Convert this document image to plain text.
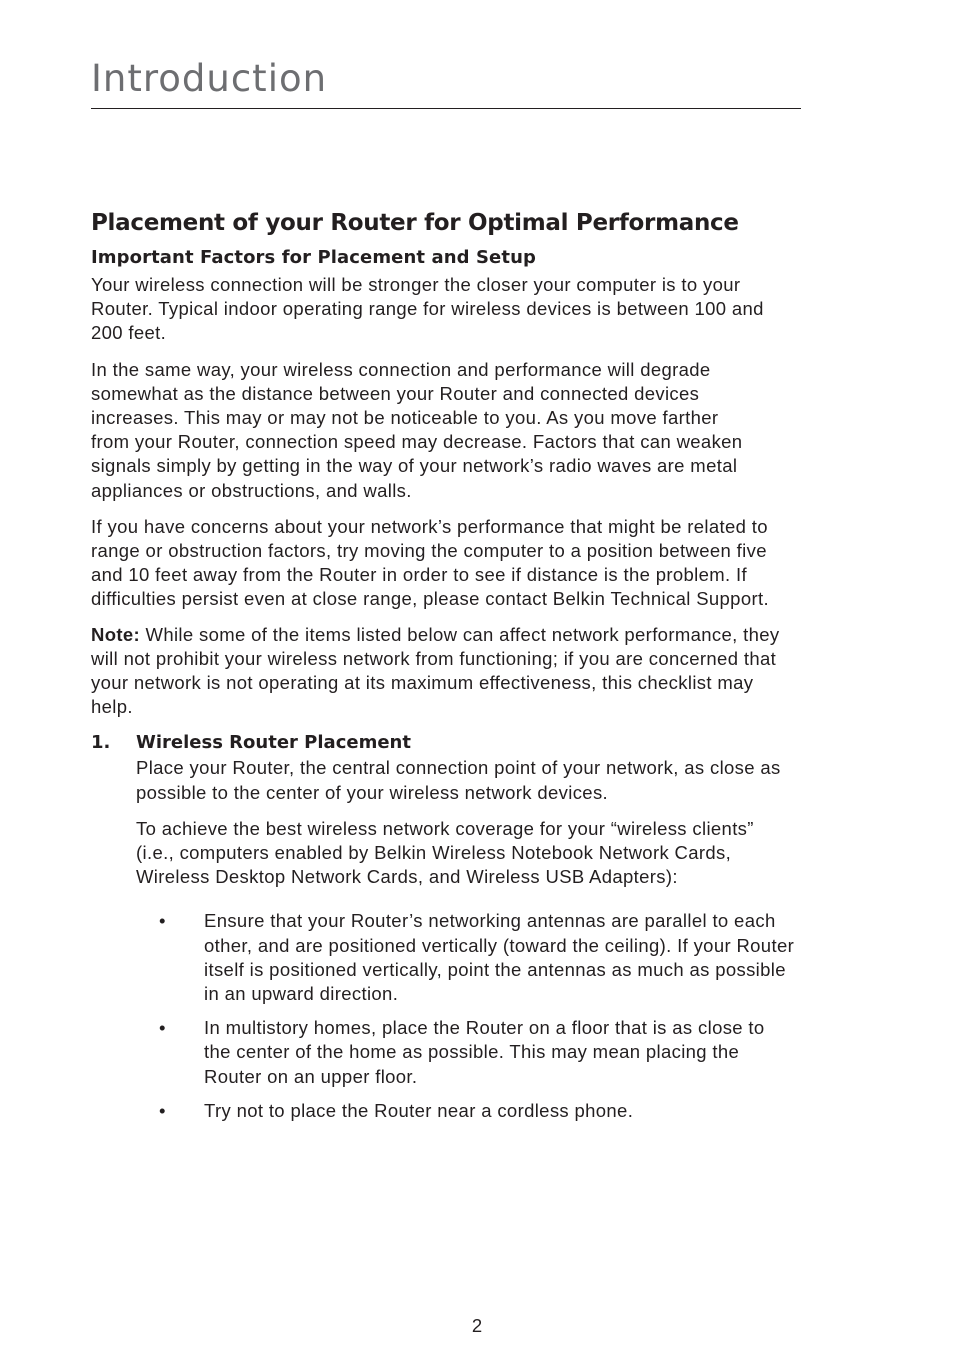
Introduction
Placement of your Router for Optimal Performance
Important Factors for Placement and Setup

Your wireless connection will be stronger the closer your computer is to your Router. Typical indoor operating range for wireless devices is between 100 and 200 feet.

In the same way, your wireless connection and performance will degrade somewhat as the distance between your Router and connected devices increases. This may or may not be noticeable to you. As you move farther from your Router, connection speed may decrease. Factors that can weaken signals simply by getting in the way of your network’s radio waves are metal appliances or obstructions, and walls.

If you have concerns about your network’s performance that might be related to range or obstruction factors, try moving the computer to a position between five and 10 feet away from the Router in order to see if distance is the problem. If difficulties persist even at close range, please contact Belkin Technical Support.

Note: While some of the items listed below can affect network performance, they will not prohibit your wireless network from functioning; if you are concerned that your network is not operating at its maximum effectiveness, this checklist may help.

1. Wireless Router Placement

Place your Router, the central connection point of your network, as close as possible to the center of your wireless network devices.

To achieve the best wireless network coverage for your “wireless clients” (i.e., computers enabled by Belkin Wireless Notebook Network Cards, Wireless Desktop Network Cards, and Wireless USB Adapters):

• Ensure that your Router’s networking antennas are parallel to each other, and are positioned vertically (toward the ceiling). If your Router itself is positioned vertically, point the antennas as much as possible in an upward direction.
• In multistory homes, place the Router on a floor that is as close to the center of the home as possible. This may mean placing the Router on an upper floor.
• Try not to place the Router near a cordless phone.
2
